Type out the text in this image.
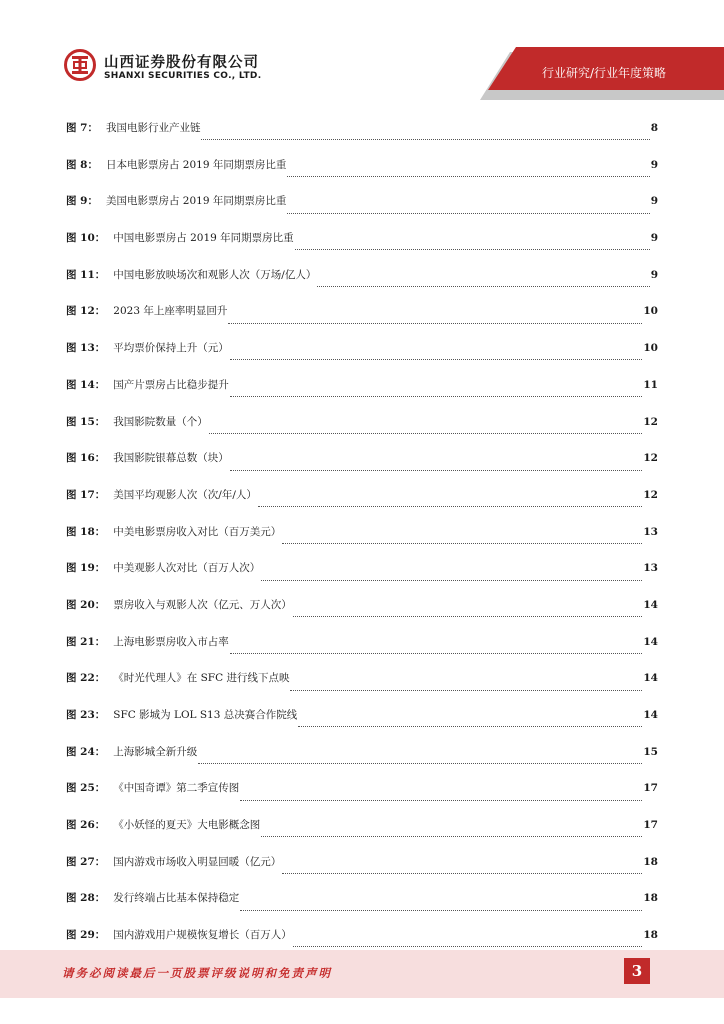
山西证券股份有限公司
SHANXI SECURITIES CO., LTD.	行业研究/行业年度策略
图 7： 我国电影行业产业链	8
图 8： 日本电影票房占 2019 年同期票房比重	9
图 9： 美国电影票房占 2019 年同期票房比重	9
图 10： 中国电影票房占 2019 年同期票房比重	9
图 11： 中国电影放映场次和观影人次（万场/亿人）	9
图 12： 2023 年上座率明显回升	10
图 13： 平均票价保持上升（元）	10
图 14： 国产片票房占比稳步提升	11
图 15： 我国影院数量（个）	12
图 16： 我国影院银幕总数（块）	12
图 17： 美国平均观影人次（次/年/人）	12
图 18： 中美电影票房收入对比（百万美元）	13
图 19： 中美观影人次对比（百万人次）	13
图 20： 票房收入与观影人次（亿元、万人次）	14
图 21： 上海电影票房收入市占率	14
图 22： 《时光代理人》在 SFC 进行线下点映	14
图 23： SFC 影城为 LOL S13 总决赛合作院线	14
图 24： 上海影城全新升级	15
图 25： 《中国奇谭》第二季宣传图	17
图 26： 《小妖怪的夏天》大电影概念图	17
图 27： 国内游戏市场收入明显回暖（亿元）	18
图 28： 发行终端占比基本保持稳定	18
图 29： 国内游戏用户规模恢复增长（百万人）	18
请务必阅读最后一页股票评级说明和免责声明	3
